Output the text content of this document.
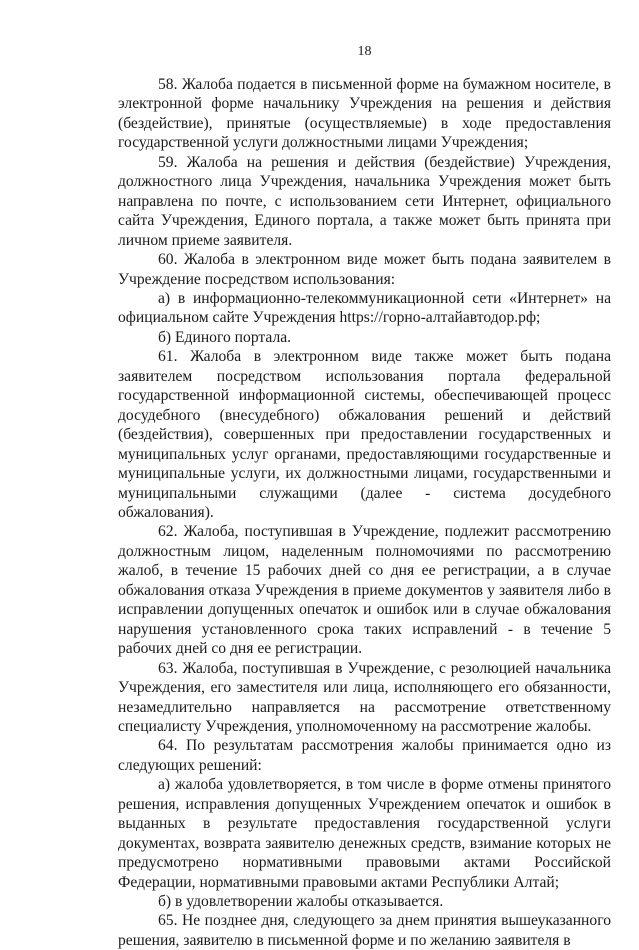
18

58. Жалоба подается в письменной форме на бумажном носителе, в электронной форме начальнику Учреждения на решения и действия (бездействие), принятые (осуществляемые) в ходе предоставления государственной услуги должностными лицами Учреждения;

59. Жалоба на решения и действия (бездействие) Учреждения, должностного лица Учреждения, начальника Учреждения может быть направлена по почте, с использованием сети Интернет, официального сайта Учреждения, Единого портала, а также может быть принята при личном приеме заявителя.

60. Жалоба в электронном виде может быть подана заявителем в Учреждение посредством использования:

а) в информационно-телекоммуникационной сети «Интернет» на официальном сайте Учреждения https://горно-алтайавтодор.рф;

б) Единого портала.

61. Жалоба в электронном виде также может быть подана заявителем посредством использования портала федеральной государственной информационной системы, обеспечивающей процесс досудебного (внесудебного) обжалования решений и действий (бездействия), совершенных при предоставлении государственных и муниципальных услуг органами, предоставляющими государственные и муниципальные услуги, их должностными лицами, государственными и муниципальными служащими (далее - система досудебного обжалования).

62. Жалоба, поступившая в Учреждение, подлежит рассмотрению должностным лицом, наделенным полномочиями по рассмотрению жалоб, в течение 15 рабочих дней со дня ее регистрации, а в случае обжалования отказа Учреждения в приеме документов у заявителя либо в исправлении допущенных опечаток и ошибок или в случае обжалования нарушения установленного срока таких исправлений - в течение 5 рабочих дней со дня ее регистрации.

63. Жалоба, поступившая в Учреждение, с резолюцией начальника Учреждения, его заместителя или лица, исполняющего его обязанности, незамедлительно направляется на рассмотрение ответственному специалисту Учреждения, уполномоченному на рассмотрение жалобы.

64. По результатам рассмотрения жалобы принимается одно из следующих решений:

а) жалоба удовлетворяется, в том числе в форме отмены принятого решения, исправления допущенных Учреждением опечаток и ошибок в выданных в результате предоставления государственной услуги документах, возврата заявителю денежных средств, взимание которых не предусмотрено нормативными правовыми актами Российской Федерации, нормативными правовыми актами Республики Алтай;

б) в удовлетворении жалобы отказывается.

65. Не позднее дня, следующего за днем принятия вышеуказанного решения, заявителю в письменной форме и по желанию заявителя в
